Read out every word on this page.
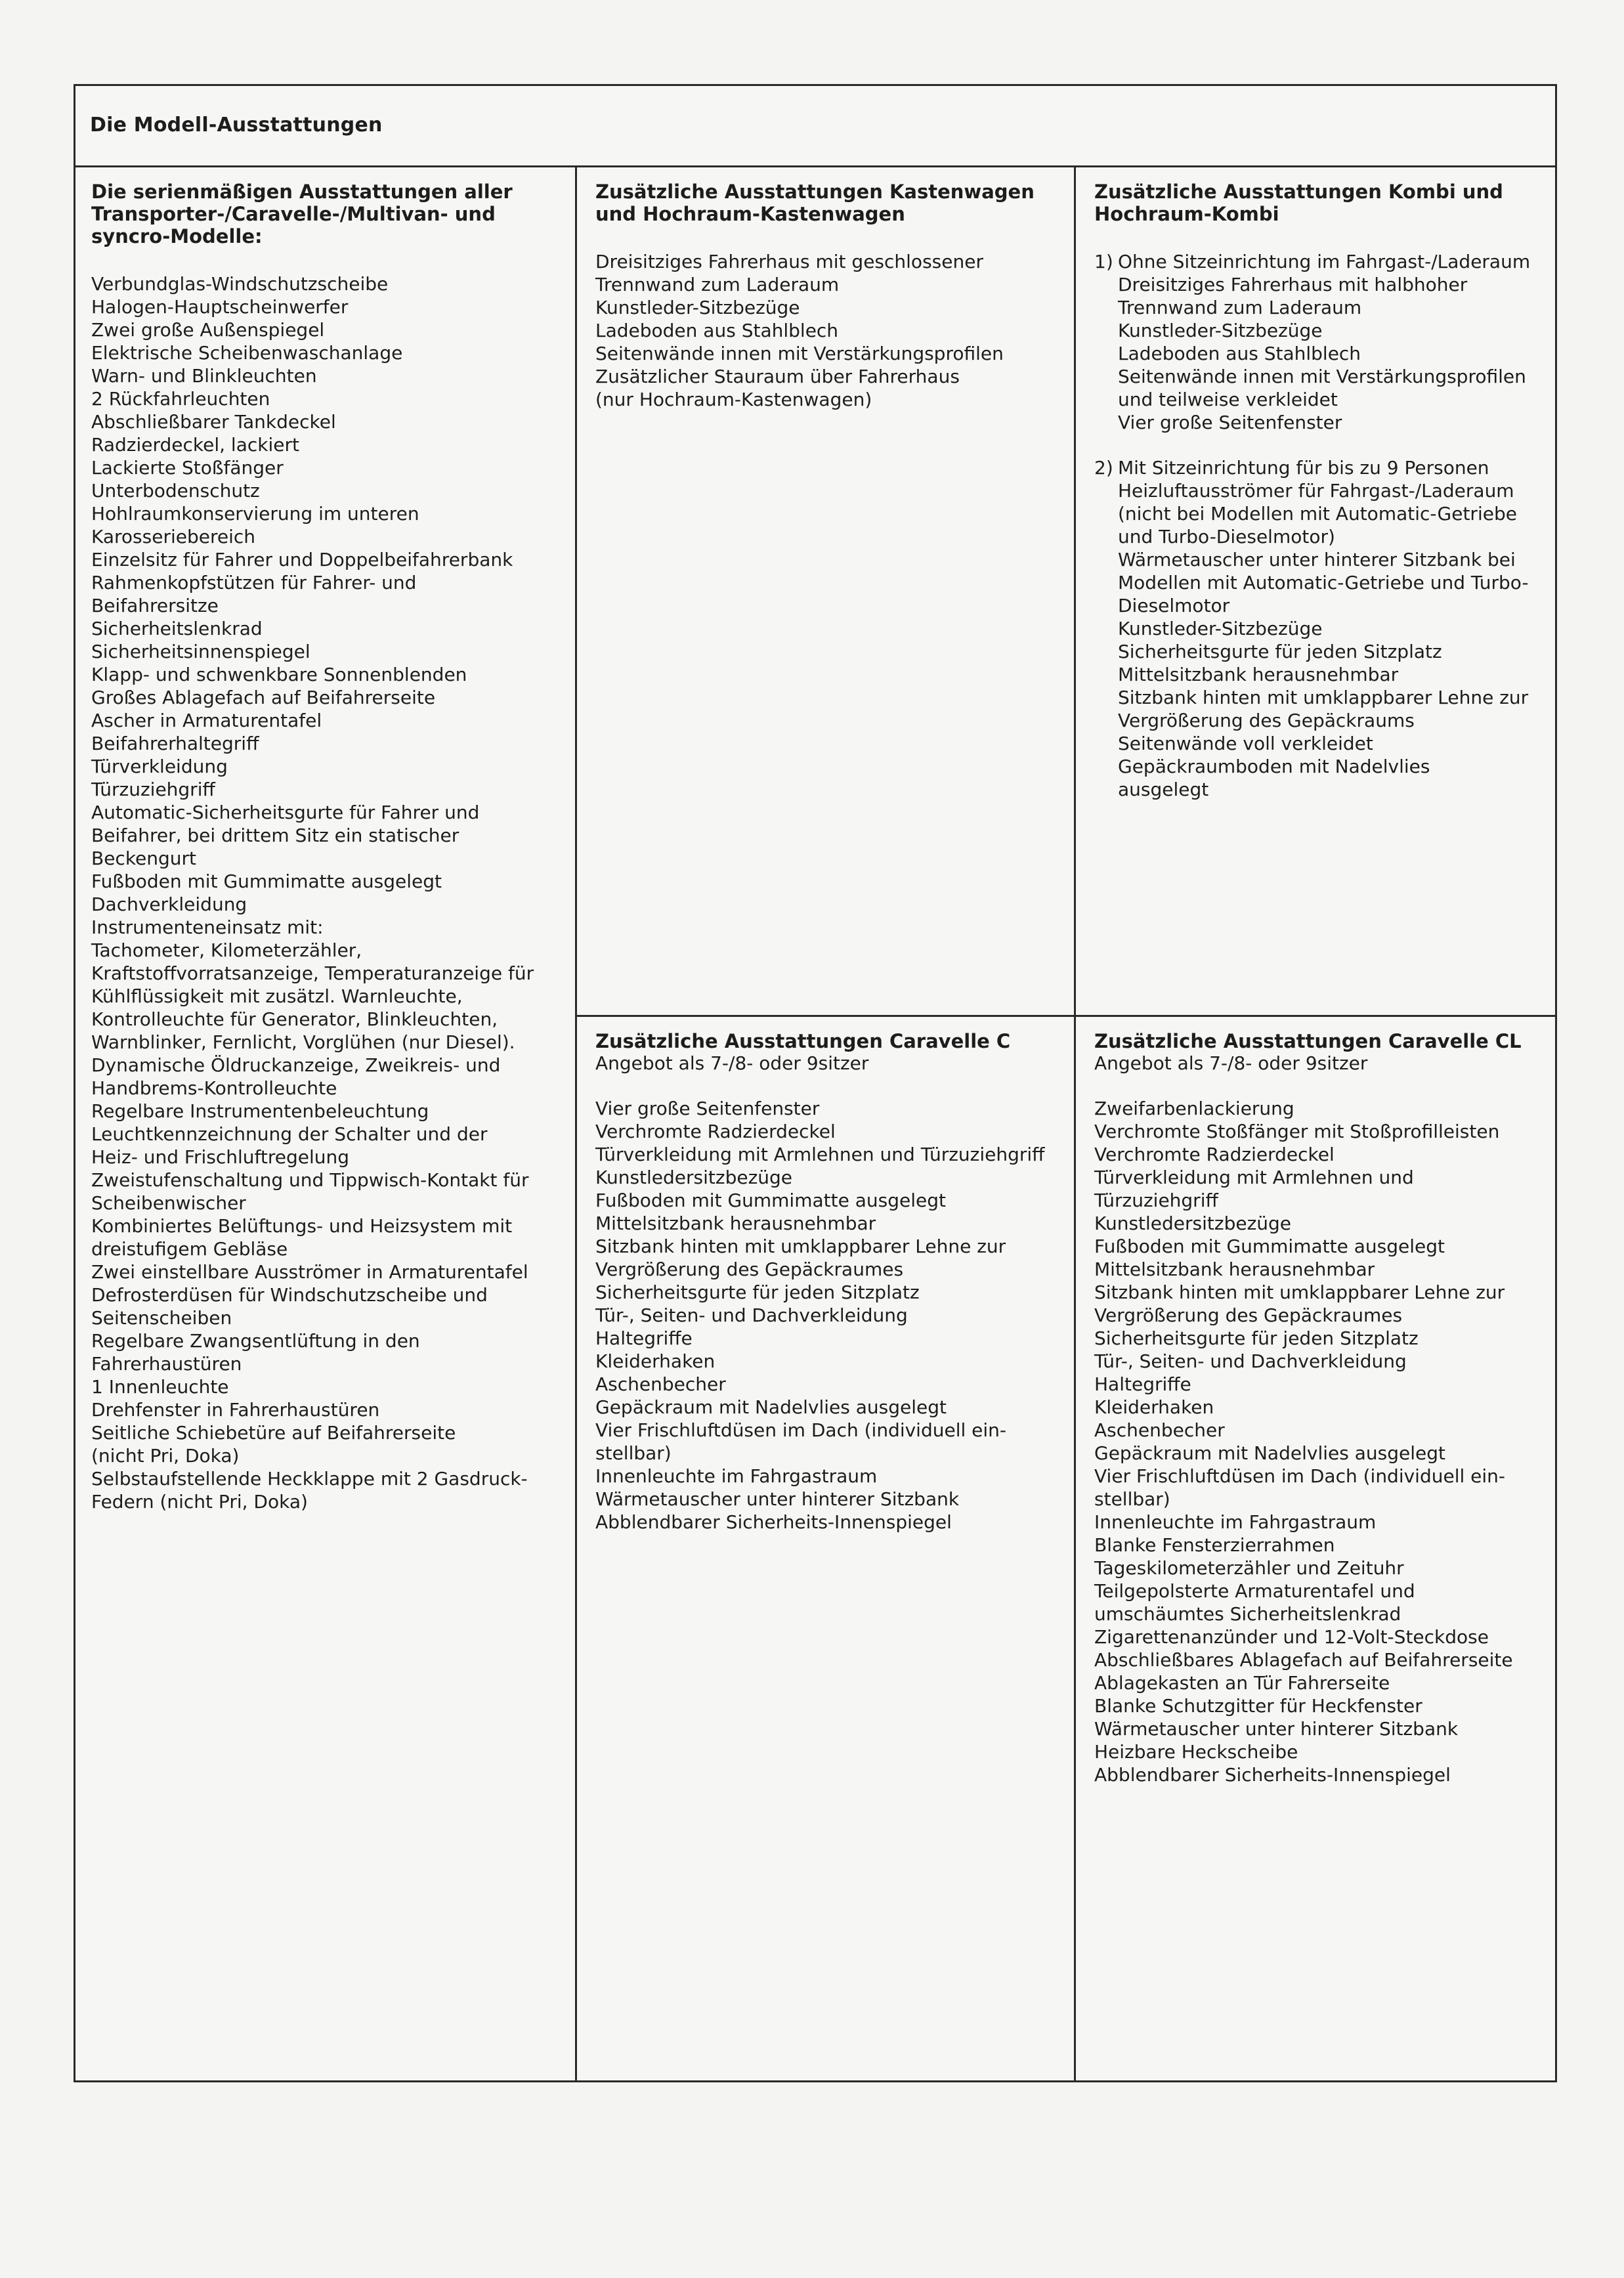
Die Modell-Ausstattungen
Die serienmäßigen Ausstattungen aller Transporter-/Caravelle-/Multivan- und syncro-Modelle:
Verbundglas-Windschutzscheibe
Halogen-Hauptscheinwerfer
Zwei große Außenspiegel
Elektrische Scheibenwaschanlage
Warn- und Blinkleuchten
2 Rückfahrleuchten
Abschließbarer Tankdeckel
Radzierdeckel, lackiert
Lackierte Stoßfänger
Unterbodenschutz
Hohlraumkonservierung im unteren
Karosseriebereich
Einzelsitz für Fahrer und Doppelbeifahrerbank
Rahmenkopfstützen für Fahrer- und
Beifahrersitze
Sicherheitslenkrad
Sicherheitsinnenspiegel
Klapp- und schwenkbare Sonnenblenden
Großes Ablagefach auf Beifahrerseite
Ascher in Armaturentafel
Beifahrerhaltegriff
Türverkleidung
Türzuziehgriff
Automatic-Sicherheitsgurte für Fahrer und
Beifahrer, bei drittem Sitz ein statischer
Beckengurt
Fußboden mit Gummimatte ausgelegt
Dachverkleidung
Instrumenteneinsatz mit:
Tachometer, Kilometerzähler,
Kraftstoffvorratsanzeige, Temperaturanzeige für
Kühlflüssigkeit mit zusätzl. Warnleuchte,
Kontrolleuchte für Generator, Blinkleuchten,
Warnblinker, Fernlicht, Vorglühen (nur Diesel).
Dynamische Öldruckanzeige, Zweikreis- und
Handbrems-Kontrolleuchte
Regelbare Instrumentenbeleuchtung
Leuchtkennzeichnung der Schalter und der
Heiz- und Frischluftregelung
Zweistufenschaltung und Tippwisch-Kontakt für
Scheibenwischer
Kombiniertes Belüftungs- und Heizsystem mit
dreistufigem Gebläse
Zwei einstellbare Ausströmer in Armaturentafel
Defrosterdüsen für Windschutzscheibe und
Seitenscheiben
Regelbare Zwangsentlüftung in den
Fahrerhaustüren
1 Innenleuchte
Drehfenster in Fahrerhaustüren
Seitliche Schiebetüre auf Beifahrerseite
(nicht Pri, Doka)
Selbstaufstellende Heckklappe mit 2 Gasdruck-
Federn (nicht Pri, Doka)
Zusätzliche Ausstattungen Kastenwagen und Hochraum-Kastenwagen
Dreisitziges Fahrerhaus mit geschlossener
Trennwand zum Laderaum
Kunstleder-Sitzbezüge
Ladeboden aus Stahlblech
Seitenwände innen mit Verstärkungsprofilen
Zusätzlicher Stauraum über Fahrerhaus
(nur Hochraum-Kastenwagen)
Zusätzliche Ausstattungen Kombi und Hochraum-Kombi
1) Ohne Sitzeinrichtung im Fahrgast-/Laderaum
Dreisitziges Fahrerhaus mit halbhoher
Trennwand zum Laderaum
Kunstleder-Sitzbezüge
Ladeboden aus Stahlblech
Seitenwände innen mit Verstärkungsprofilen
und teilweise verkleidet
Vier große Seitenfenster
2) Mit Sitzeinrichtung für bis zu 9 Personen
Heizluftausströmer für Fahrgast-/Laderaum
(nicht bei Modellen mit Automatic-Getriebe
und Turbo-Dieselmotor)
Wärmetauscher unter hinterer Sitzbank bei
Modellen mit Automatic-Getriebe und Turbo-
Dieselmotor
Kunstleder-Sitzbezüge
Sicherheitsgurte für jeden Sitzplatz
Mittelsitzbank herausnehmbar
Sitzbank hinten mit umklappbarer Lehne zur
Vergrößerung des Gepäckraums
Seitenwände voll verkleidet
Gepäckraumboden mit Nadelvlies
ausgelegt
Zusätzliche Ausstattungen Caravelle C

Angebot als 7-/8- oder 9sitzer

Vier große Seitenfenster
Verchromte Radzierdeckel
Türverkleidung mit Armlehnen und Türzuziehgriff
Kunstledersitzbezüge
Fußboden mit Gummimatte ausgelegt
Mittelsitzbank herausnehmbar
Sitzbank hinten mit umklappbarer Lehne zur
Vergrößerung des Gepäckraumes
Sicherheitsgurte für jeden Sitzplatz
Tür-, Seiten- und Dachverkleidung
Haltegriffe
Kleiderhaken
Aschenbecher
Gepäckraum mit Nadelvlies ausgelegt
Vier Frischluftdüsen im Dach (individuell ein-
stellbar)
Innenleuchte im Fahrgastraum
Wärmetauscher unter hinterer Sitzbank
Abblendbarer Sicherheits-Innenspiegel
Zusätzliche Ausstattungen Caravelle CL

Angebot als 7-/8- oder 9sitzer

Zweifarbenlackierung
Verchromte Stoßfänger mit Stoßprofilleisten
Verchromte Radzierdeckel
Türverkleidung mit Armlehnen und Türzuziehgriff
Kunstledersitzbezüge
Fußboden mit Gummimatte ausgelegt
Mittelsitzbank herausnehmbar
Sitzbank hinten mit umklappbarer Lehne zur
Vergrößerung des Gepäckraumes
Sicherheitsgurte für jeden Sitzplatz
Tür-, Seiten- und Dachverkleidung
Haltegriffe
Kleiderhaken
Aschenbecher
Gepäckraum mit Nadelvlies ausgelegt
Vier Frischluftdüsen im Dach (individuell ein-
stellbar)
Innenleuchte im Fahrgastraum
Blanke Fensterzierrahmen
Tageskilometerzähler und Zeituhr
Teilgepolsterte Armaturentafel und
umschäumtes Sicherheitslenkrad
Zigarettenanzünder und 12-Volt-Steckdose
Abschließbares Ablagefach auf Beifahrerseite
Ablagekasten an Tür Fahrerseite
Blanke Schutzgitter für Heckfenster
Wärmetauscher unter hinterer Sitzbank
Heizbare Heckscheibe
Abblendbarer Sicherheits-Innenspiegel
